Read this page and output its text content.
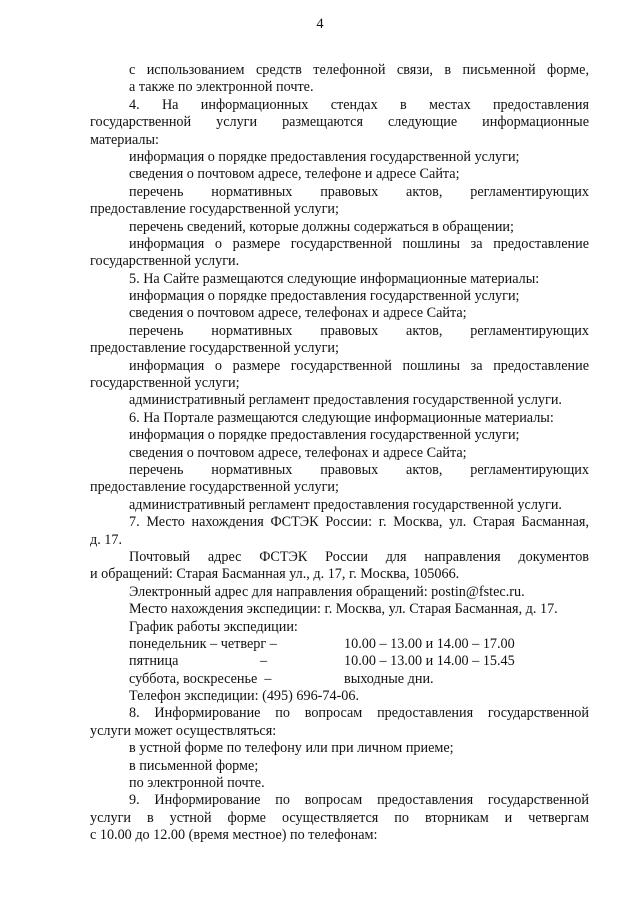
4
с использованием средств телефонной связи, в письменной форме,
а также по электронной почте.
4. На информационных стендах в местах предоставления
государственной услуги размещаются следующие информационные
материалы:
информация о порядке предоставления государственной услуги;
сведения о почтовом адресе, телефоне и адресе Сайта;
перечень нормативных правовых актов, регламентирующих
предоставление государственной услуги;
перечень сведений, которые должны содержаться в обращении;
информация о размере государственной пошлины за предоставление
государственной услуги.
5. На Сайте размещаются следующие информационные материалы:
информация о порядке предоставления государственной услуги;
сведения о почтовом адресе, телефонах и адресе Сайта;
перечень нормативных правовых актов, регламентирующих
предоставление государственной услуги;
информация о размере государственной пошлины за предоставление
государственной услуги;
административный регламент предоставления государственной услуги.
6. На Портале размещаются следующие информационные материалы:
информация о порядке предоставления государственной услуги;
сведения о почтовом адресе, телефонах и адресе Сайта;
перечень нормативных правовых актов, регламентирующих
предоставление государственной услуги;
административный регламент предоставления государственной услуги.
7. Место нахождения ФСТЭК России: г. Москва, ул. Старая Басманная,
д. 17.
Почтовый адрес ФСТЭК России для направления документов
и обращений: Старая Басманная ул., д. 17, г. Москва, 105066.
Электронный адрес для направления обращений: postin@fstec.ru.
Место нахождения экспедиции: г. Москва, ул. Старая Басманная, д. 17.
График работы экспедиции:
понедельник – четверг –	10.00 – 13.00 и 14.00 – 17.00
пятница                       –	10.00 – 13.00 и 14.00 – 15.45
суббота, воскресенье  –	выходные дни.
Телефон экспедиции: (495) 696-74-06.
8. Информирование по вопросам предоставления государственной
услуги может осуществляться:
в устной форме по телефону или при личном приеме;
в письменной форме;
по электронной почте.
9. Информирование по вопросам предоставления государственной
услуги в устной форме осуществляется по вторникам и четвергам
с 10.00 до 12.00 (время местное) по телефонам:
